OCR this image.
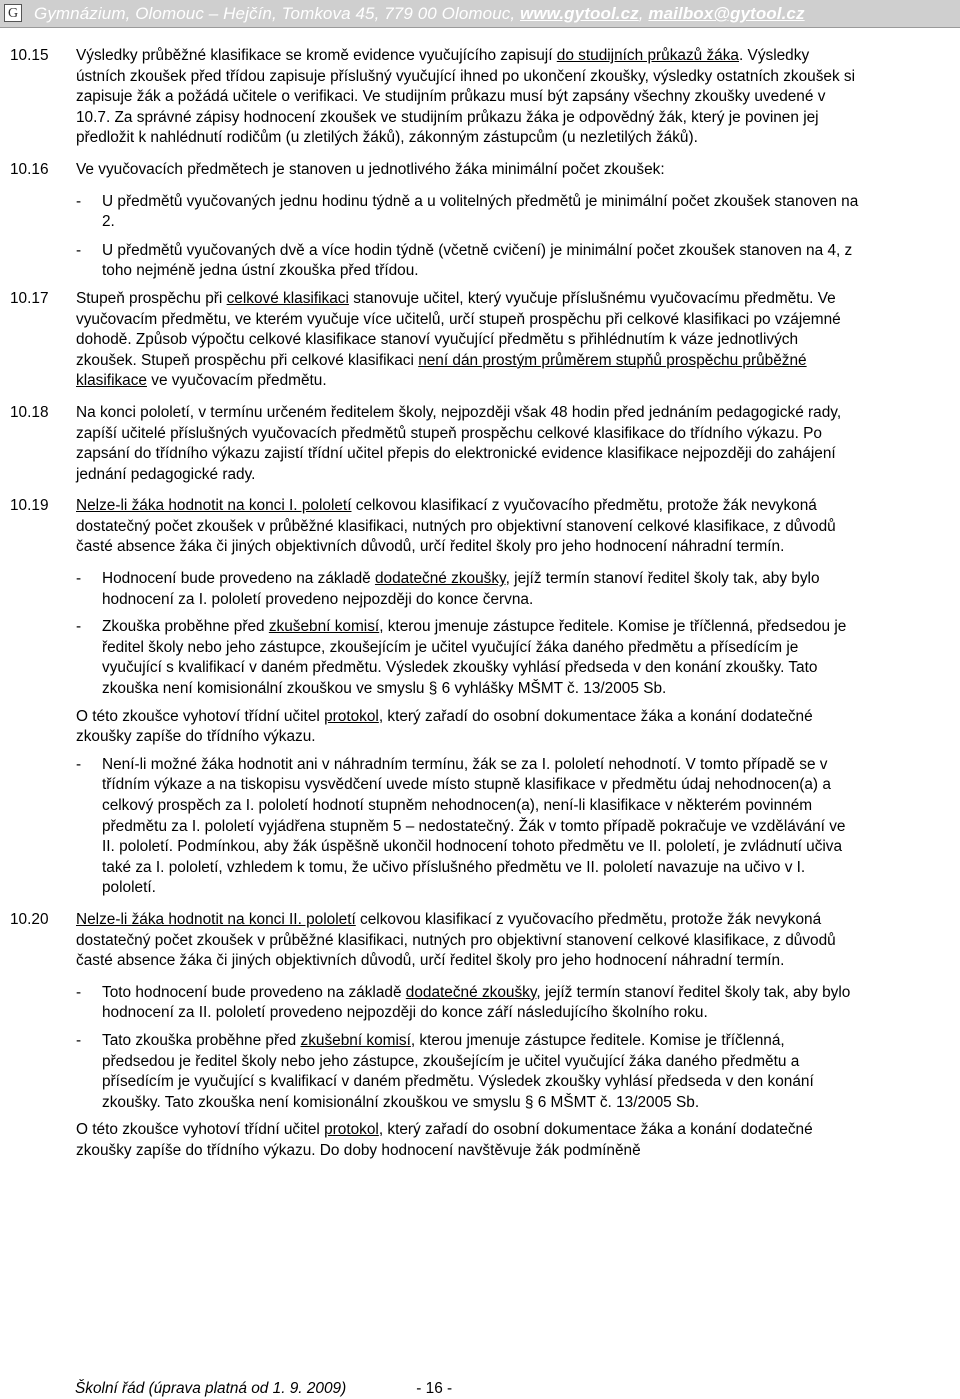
G Gymnázium, Olomouc – Hejčín, Tomkova 45, 779 00 Olomouc, www.gytool.cz, mailbox@gytool.cz
10.15	Výsledky průběžné klasifikace se kromě evidence vyučujícího zapisují do studijních průkazů žáka. Výsledky ústních zkoušek před třídou zapisuje příslušný vyučující ihned po ukončení zkoušky, výsledky ostatních zkoušek si zapisuje žák a požádá učitele o verifikaci. Ve studijním průkazu musí být zapsány všechny zkoušky uvedené v 10.7. Za správné zápisy hodnocení zkoušek ve studijním průkazu žáka je odpovědný žák, který je povinen jej předložit k nahlédnutí rodičům (u zletilých žáků), zákonným zástupcům (u nezletilých žáků).
10.16	Ve vyučovacích předmětech je stanoven u jednotlivého žáka minimální počet zkoušek:

- U předmětů vyučovaných jednu hodinu týdně a u volitelných předmětů je minimální počet zkoušek stanoven na 2.
- U předmětů vyučovaných dvě a více hodin týdně (včetně cvičení) je minimální počet zkoušek stanoven na 4, z toho nejméně jedna ústní zkouška před třídou.
10.17	Stupeň prospěchu při celkové klasifikaci stanovuje učitel, který vyučuje příslušnému vyučovacímu předmětu. Ve vyučovacím předmětu, ve kterém vyučuje více učitelů, určí stupeň prospěchu při celkové klasifikaci po vzájemné dohodě. Způsob výpočtu celkové klasifikace stanoví vyučující předmětu s přihlédnutím k váze jednotlivých zkoušek. Stupeň prospěchu při celkové klasifikaci není dán prostým průměrem stupňů prospěchu průběžné klasifikace ve vyučovacím předmětu.
10.18	Na konci pololetí, v termínu určeném ředitelem školy, nejpozději však 48 hodin před jednáním pedagogické rady, zapíší učitelé příslušných vyučovacích předmětů stupeň prospěchu celkové klasifikace do třídního výkazu. Po zapsání do třídního výkazu zajistí třídní učitel přepis do elektronické evidence klasifikace nejpozději do zahájení jednání pedagogické rady.
10.19	Nelze-li žáka hodnotit na konci I. pololetí celkovou klasifikací z vyučovacího předmětu, protože žák nevykoná dostatečný počet zkoušek v průběžné klasifikaci, nutných pro objektivní stanovení celkové klasifikace, z důvodů časté absence žáka či jiných objektivních důvodů, určí ředitel školy pro jeho hodnocení náhradní termín.

- Hodnocení bude provedeno na základě dodatečné zkoušky, jejíž termín stanoví ředitel školy tak, aby bylo hodnocení za I. pololetí provedeno nejpozději do konce června.
- Zkouška proběhne před zkušební komisí, kterou jmenuje zástupce ředitele. Komise je tříčlenná, předsedou je ředitel školy nebo jeho zástupce, zkoušejícím je učitel vyučující žáka daného předmětu a přísedícím je vyučující s kvalifikací v daném předmětu. Výsledek zkoušky vyhlásí předseda v den konání zkoušky. Tato zkouška není komisionální zkouškou ve smyslu § 6 vyhlášky MŠMT č. 13/2005 Sb.

O této zkoušce vyhotoví třídní učitel protokol, který zařadí do osobní dokumentace žáka a konání dodatečné zkoušky zapíše do třídního výkazu.

- Není-li možné žáka hodnotit ani v náhradním termínu, žák se za I. pololetí nehodnotí. V tomto případě se v třídním výkaze a na tiskopisu vysvědčení uvede místo stupně klasifikace v předmětu údaj nehodnocen(a) a celkový prospěch za I. pololetí hodnotí stupněm nehodnocen(a), není-li klasifikace v některém povinném předmětu za I. pololetí vyjádřena stupněm 5 – nedostatečný. Žák v tomto případě pokračuje ve vzdělávání ve II. pololetí. Podmínkou, aby žák úspěšně ukončil hodnocení tohoto předmětu ve II. pololetí, je zvládnutí učiva také za I. pololetí, vzhledem k tomu, že učivo příslušného předmětu ve II. pololetí navazuje na učivo v I. pololetí.
10.20	Nelze-li žáka hodnotit na konci II. pololetí celkovou klasifikací z vyučovacího předmětu, protože žák nevykoná dostatečný počet zkoušek v průběžné klasifikaci, nutných pro objektivní stanovení celkové klasifikace, z důvodů časté absence žáka či jiných objektivních důvodů, určí ředitel školy pro jeho hodnocení náhradní termín.

- Toto hodnocení bude provedeno na základě dodatečné zkoušky, jejíž termín stanoví ředitel školy tak, aby bylo hodnocení za II. pololetí provedeno nejpozději do konce září následujícího školního roku.
- Tato zkouška proběhne před zkušební komisí, kterou jmenuje zástupce ředitele. Komise je tříčlenná, předsedou je ředitel školy nebo jeho zástupce, zkoušejícím je učitel vyučující žáka daného předmětu a přísedícím je vyučující s kvalifikací v daném předmětu. Výsledek zkoušky vyhlásí předseda v den konání zkoušky. Tato zkouška není komisionální zkouškou ve smyslu § 6 MŠMT č. 13/2005 Sb.

O této zkoušce vyhotoví třídní učitel protokol, který zařadí do osobní dokumentace žáka a konání dodatečné zkoušky zapíše do třídního výkazu. Do doby hodnocení navštěvuje žák podmíněně

Školní řád (úprava platná od 1. 9. 2009)	- 16 -
